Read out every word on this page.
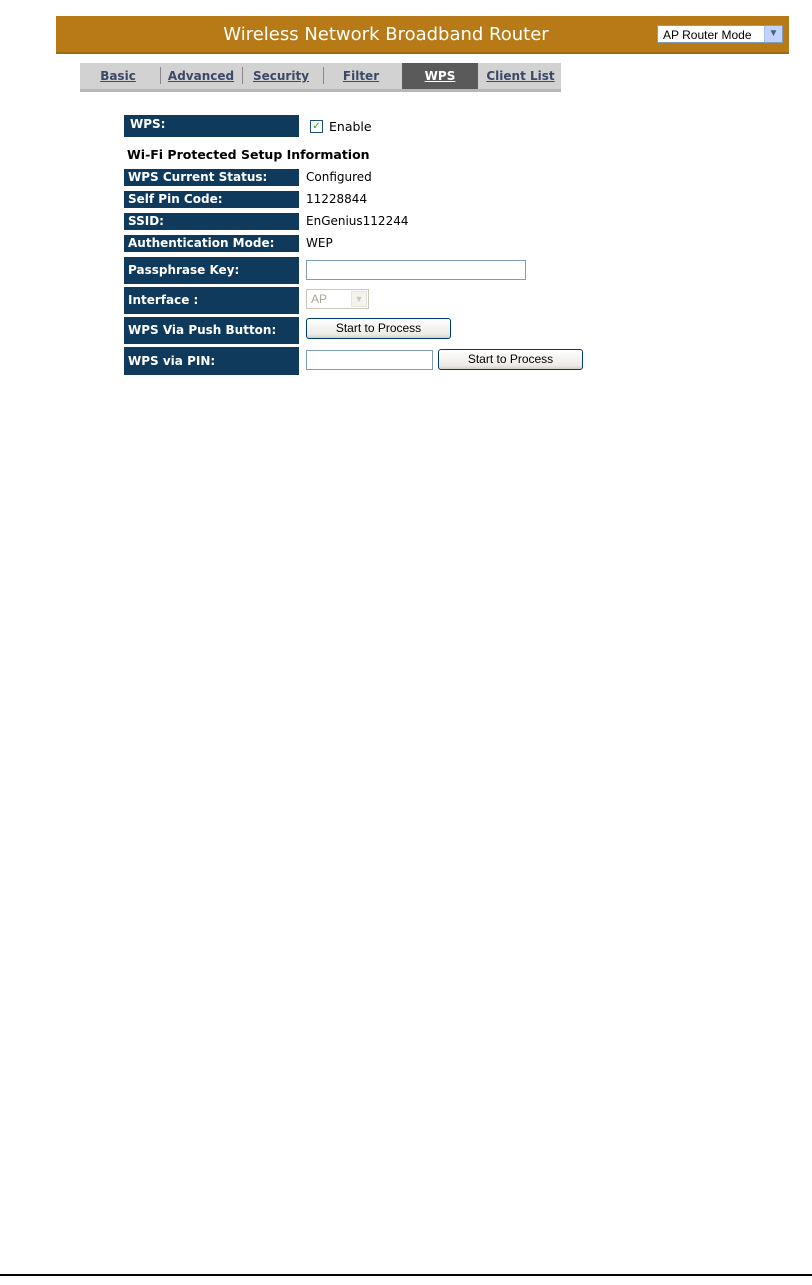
Wireless Network Broadband Router	AP Router Mode	▼
Basic	Advanced	Security	Filter	WPS	Client List
WPS:	✓ Enable
Wi-Fi Protected Setup Information
WPS Current Status:	Configured
Self Pin Code:	11228844
SSID:	EnGenius112244
Authentication Mode:	WEP
Passphrase Key:
Interface :	AP	▼
WPS Via Push Button:	Start to Process
WPS via PIN:	Start to Process
